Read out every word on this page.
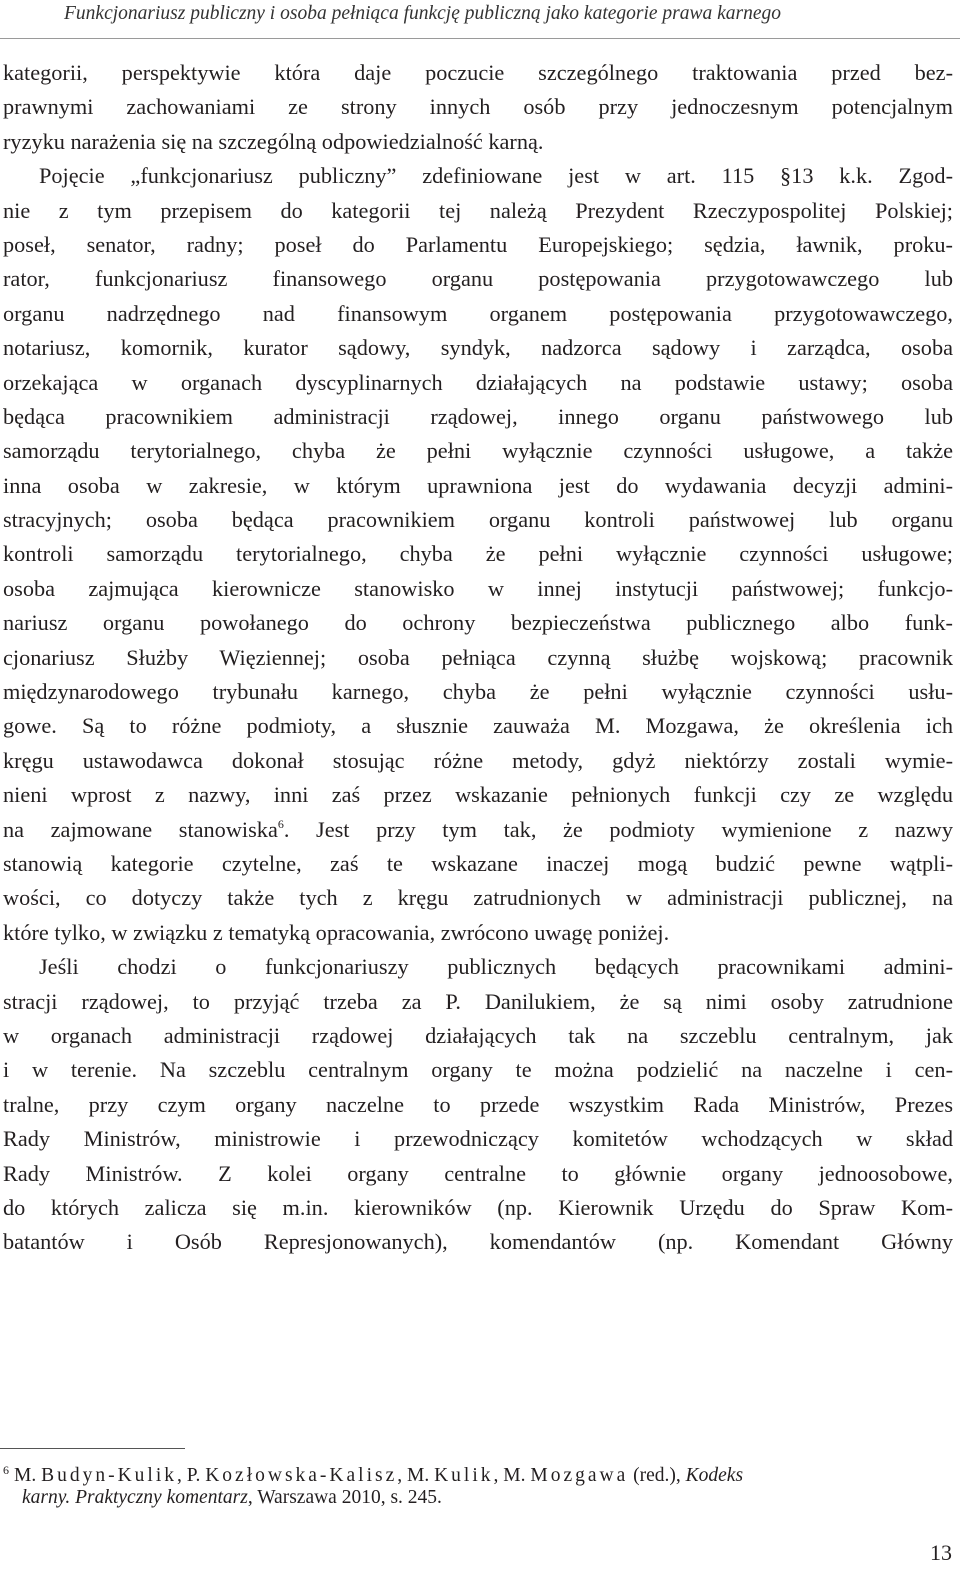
Funkcjonariusz publiczny i osoba pełniąca funkcję publiczną jako kategorie prawa karnego
kategorii, perspektywie która daje poczucie szczególnego traktowania przed bez-
prawnymi zachowaniami ze strony innych osób przy jednoczesnym potencjalnym
ryzyku narażenia się na szczególną odpowiedzialność karną.
Pojęcie „funkcjonariusz publiczny” zdefiniowane jest w art. 115 §13 k.k. Zgod-
nie z tym przepisem do kategorii tej należą Prezydent Rzeczypospolitej Polskiej;
poseł, senator, radny; poseł do Parlamentu Europejskiego; sędzia, ławnik, proku-
rator, funkcjonariusz finansowego organu postępowania przygotowawczego lub
organu nadrzędnego nad finansowym organem postępowania przygotowawczego,
notariusz, komornik, kurator sądowy, syndyk, nadzorca sądowy i zarządca, osoba
orzekająca w organach dyscyplinarnych działających na podstawie ustawy; osoba
będąca pracownikiem administracji rządowej, innego organu państwowego lub
samorządu terytorialnego, chyba że pełni wyłącznie czynności usługowe, a także
inna osoba w zakresie, w którym uprawniona jest do wydawania decyzji admini-
stracyjnych; osoba będąca pracownikiem organu kontroli państwowej lub organu
kontroli samorządu terytorialnego, chyba że pełni wyłącznie czynności usługowe;
osoba zajmująca kierownicze stanowisko w innej instytucji państwowej; funkcjo-
nariusz organu powołanego do ochrony bezpieczeństwa publicznego albo funk-
cjonariusz Służby Więziennej; osoba pełniąca czynną służbę wojskową; pracownik
międzynarodowego trybunału karnego, chyba że pełni wyłącznie czynności usłu-
gowe. Są to różne podmioty, a słusznie zauważa M. Mozgawa, że określenia ich
kręgu ustawodawca dokonał stosując różne metody, gdyż niektórzy zostali wymie-
nieni wprost z nazwy, inni zaś przez wskazanie pełnionych funkcji czy ze względu
na zajmowane stanowiska$^6$. Jest przy tym tak, że podmioty wymienione z nazwy
stanowią kategorie czytelne, zaś te wskazane inaczej mogą budzić pewne wątpli-
wości, co dotyczy także tych z kręgu zatrudnionych w administracji publicznej, na
które tylko, w związku z tematyką opracowania, zwrócono uwagę poniżej.
Jeśli chodzi o funkcjonariuszy publicznych będących pracownikami admini-
stracji rządowej, to przyjąć trzeba za P. Danilukiem, że są nimi osoby zatrudnione
w organach administracji rządowej działających tak na szczeblu centralnym, jak
i w terenie. Na szczeblu centralnym organy te można podzielić na naczelne i cen-
tralne, przy czym organy naczelne to przede wszystkim Rada Ministrów, Prezes
Rady Ministrów, ministrowie i przewodniczący komitetów wchodzących w skład
Rady Ministrów. Z kolei organy centralne to głównie organy jednoosobowe,
do których zalicza się m.in. kierowników (np. Kierownik Urzędu do Spraw Kom-
batantów i Osób Represjonowanych), komendantów (np. Komendant Główny
$^6$ M. Budyn-Kulik, P. Kozłowska-Kalisz, M. Kulik, M. Mozgawa (red.), Kodeks
karny. Praktyczny komentarz, Warszawa 2010, s. 245.
13
